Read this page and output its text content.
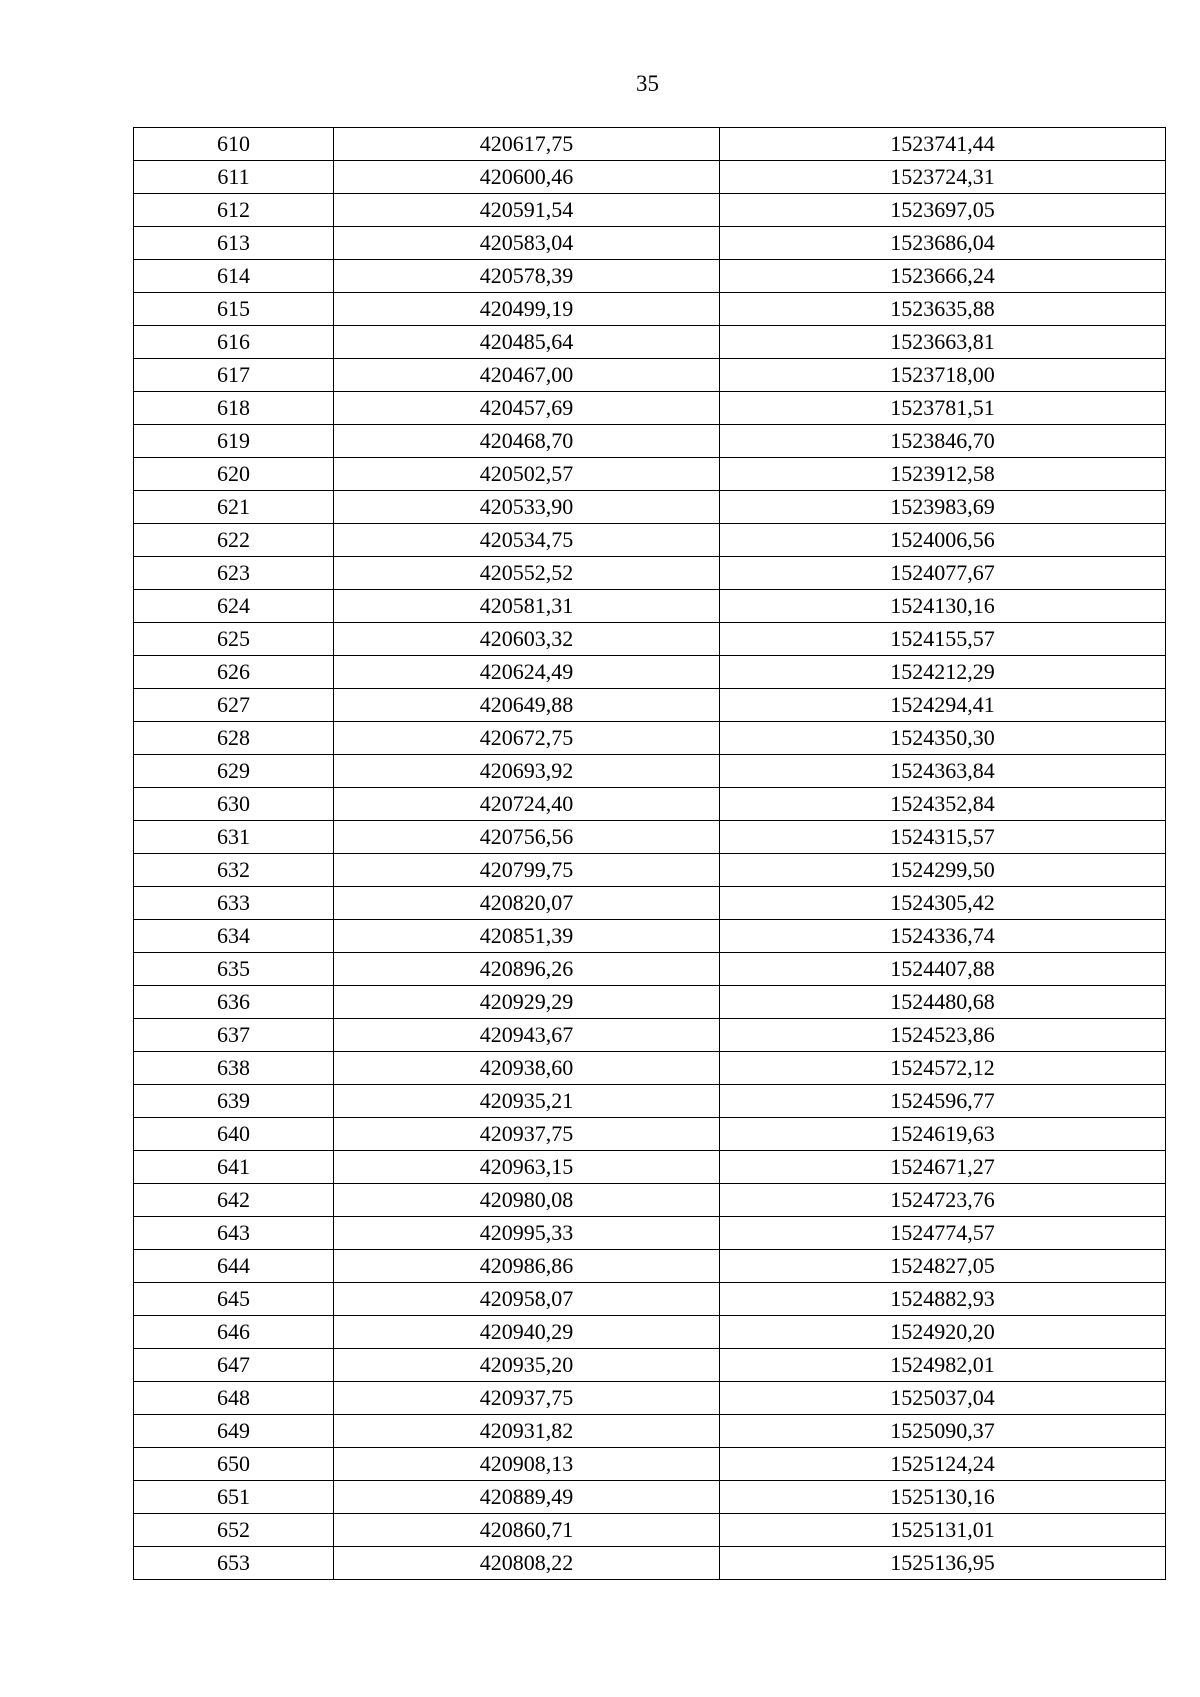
35
610	420617,75	1523741,44
611	420600,46	1523724,31
612	420591,54	1523697,05
613	420583,04	1523686,04
614	420578,39	1523666,24
615	420499,19	1523635,88
616	420485,64	1523663,81
617	420467,00	1523718,00
618	420457,69	1523781,51
619	420468,70	1523846,70
620	420502,57	1523912,58
621	420533,90	1523983,69
622	420534,75	1524006,56
623	420552,52	1524077,67
624	420581,31	1524130,16
625	420603,32	1524155,57
626	420624,49	1524212,29
627	420649,88	1524294,41
628	420672,75	1524350,30
629	420693,92	1524363,84
630	420724,40	1524352,84
631	420756,56	1524315,57
632	420799,75	1524299,50
633	420820,07	1524305,42
634	420851,39	1524336,74
635	420896,26	1524407,88
636	420929,29	1524480,68
637	420943,67	1524523,86
638	420938,60	1524572,12
639	420935,21	1524596,77
640	420937,75	1524619,63
641	420963,15	1524671,27
642	420980,08	1524723,76
643	420995,33	1524774,57
644	420986,86	1524827,05
645	420958,07	1524882,93
646	420940,29	1524920,20
647	420935,20	1524982,01
648	420937,75	1525037,04
649	420931,82	1525090,37
650	420908,13	1525124,24
651	420889,49	1525130,16
652	420860,71	1525131,01
653	420808,22	1525136,95
